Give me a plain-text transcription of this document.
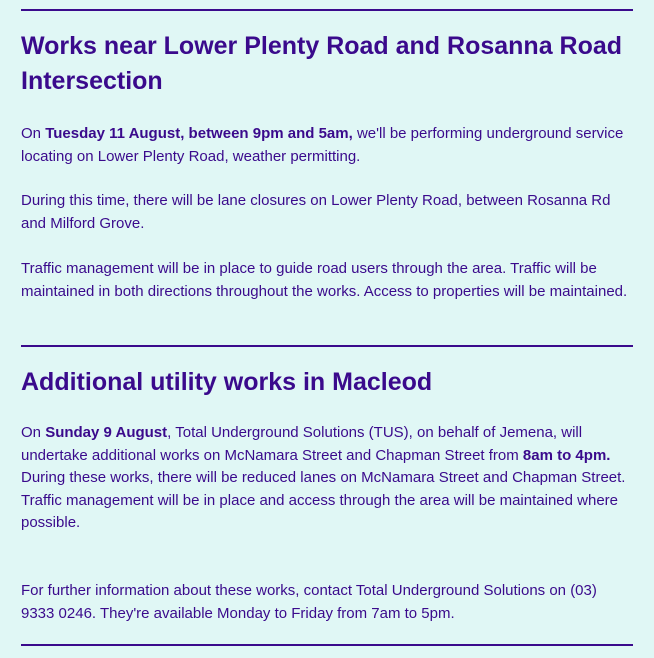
Works near Lower Plenty Road and Rosanna Road Intersection

On Tuesday 11 August, between 9pm and 5am, we'll be performing underground service locating on Lower Plenty Road, weather permitting.

During this time, there will be lane closures on Lower Plenty Road, between Rosanna Rd and Milford Grove.

Traffic management will be in place to guide road users through the area. Traffic will be maintained in both directions throughout the works. Access to properties will be maintained.

Additional utility works in Macleod

On Sunday 9 August, Total Underground Solutions (TUS), on behalf of Jemena, will undertake additional works on McNamara Street and Chapman Street from 8am to 4pm.
During these works, there will be reduced lanes on McNamara Street and Chapman Street.
Traffic management will be in place and access through the area will be maintained where possible.

For further information about these works, contact Total Underground Solutions on (03) 9333 0246. They're available Monday to Friday from 7am to 5pm.
